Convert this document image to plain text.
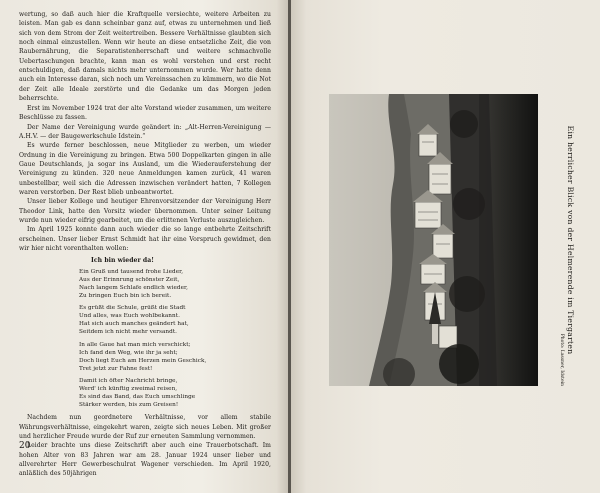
wertung, so daß auch hier die Kraftquelle versiechte, weitere Arbeiten zu leisten. Man gab es dann scheinbar ganz auf, etwas zu unternehmen und ließ sich von dem Strom der Zeit weitertreiben. Bessere Verhältnisse glaubten sich noch einmal einzustellen. Wenn wir heute an diese entsetzliche Zeit, die von Raubernährung, die Separatistenherrschaft und weitere schmachvolle Uebertaschungen brachte, kann man es wohl verstehen und erst recht entschuldigen, daß damals nichts mehr unternommen wurde. Wer hatte denn auch ein Interesse daran, sich noch um Vereinssachen zu kümmern, wo die Not der Zeit alle Ideale zerstörte und die Gedanke um das Morgen jeden beherrschte.

Erst im November 1924 trat der alte Vorstand wieder zusammen, um weitere Beschlüsse zu fassen.

Der Name der Vereinigung wurde geändert in: „Alt-Herren-Vereinigung — A.H.V. — der Baugewerkschule Idstein.“

Es wurde ferner beschlossen, neue Mitglieder zu werben, um wieder Ordnung in die Vereinigung zu bringen. Etwa 500 Doppelkarten gingen in alle Gaue Deutschlands, ja sogar ins Ausland, um die Wiederauferstehung der Vereinigung zu künden. 320 neue Anmeldungen kamen zurück, 41 waren unbestellbar, weil sich die Adressen inzwischen verändert hatten, 7 Kollegen waren verstorben. Der Rest blieb unbeantwortet.

Unser lieber Kollege und heutiger Ehrenvorsitzender der Vereinigung Herr Theodor Link, hatte den Vorsitz wieder übernommen. Unter seiner Leitung wurde nun wieder eifrig gearbeitet, um die erlittenen Verluste auszugleichen.

Im April 1925 konnte dann auch wieder die so lange entbehrte Zeitschrift erscheinen. Unser lieber Ernst Schmidt hat ihr eine Vorspruch gewidmet, den wir hier nicht vorenthalten wollen:

Ich bin wieder da!

Ein Gruß und tausend frohe Lieder,
Aus der Erinnrung schönster Zeit,
Nach langem Schlafe endlich wieder,
Zu bringen Euch bin ich bereit.
Es grüßt die Schule, grüßt die Stadt
Und alles, was Euch wohlbekannt.
Hat sich auch manches geändert hat,
Seitdem ich nicht mehr versandt.
In alle Gaue hat man mich verschickt;
Ich fand den Weg, wie ihr ja seht;
Doch liegt Euch am Herzen mein Geschick,
Tret jetzt zur Fahne fest!
Damit ich öfter Nachricht bringe,
Werd' ich künftig zweimal reisen,
Es sind das Band, das Euch umschlinge
Stärker werden, bis zum Greisen!

Nachdem nun geordnetere Verhältnisse, vor allem stabile Währungsverhältnisse, eingekehrt waren, zeigte sich neues Leben. Mit großer und herzlicher Freude wurde der Ruf zur erneuten Sammlung vernommen.

Leider brachte uns diese Zeitschrift aber auch eine Trauerbotschaft. Im hohen Alter von 83 Jahren war am 28. Januar 1924 unser lieber und allverehrter Herr Gewerbeschulrat Wagener verschieden. Im April 1920, anläßlich des 50jährigen

20
Ein herrlicher Blick von der Helmerende im Tiergarten
Photo: Lassner, Idstein
